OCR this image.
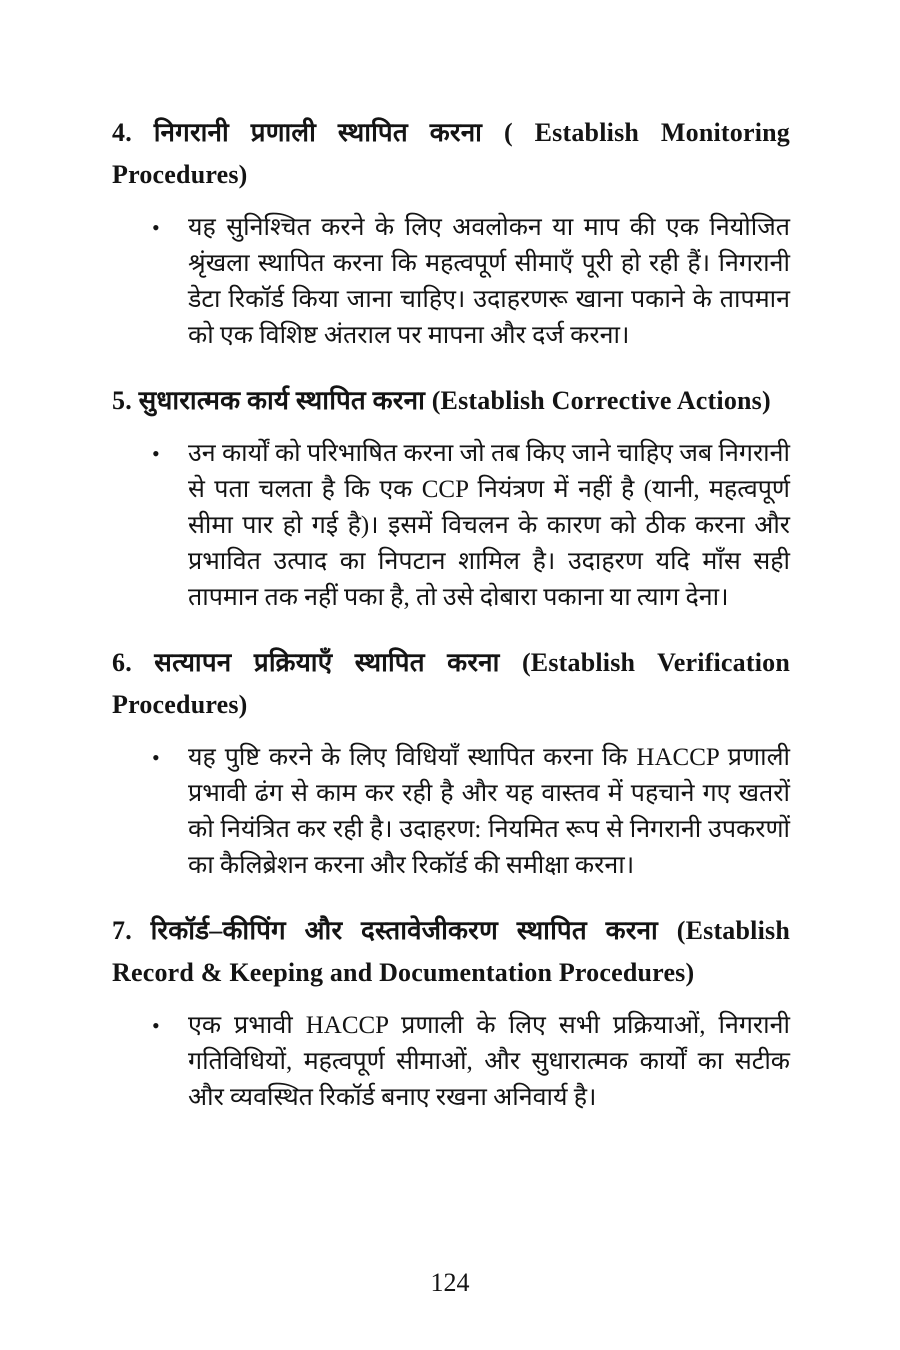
4. निगरानी प्रणाली स्थापित करना ( Establish Monitoring Procedures)
•	यह सुनिश्चित करने के लिए अवलोकन या माप की एक नियोजित श्रृंखला स्थापित करना कि महत्वपूर्ण सीमाएँ पूरी हो रही हैं। निगरानी डेटा रिकॉर्ड किया जाना चाहिए। उदाहरणरू खाना पकाने के तापमान को एक विशिष्ट अंतराल पर मापना और दर्ज करना।

5. सुधारात्मक कार्य स्थापित करना (Establish Corrective Actions)
•	उन कार्यों को परिभाषित करना जो तब किए जाने चाहिए जब निगरानी से पता चलता है कि एक CCP नियंत्रण में नहीं है (यानी, महत्वपूर्ण सीमा पार हो गई है)। इसमें विचलन के कारण को ठीक करना और प्रभावित उत्पाद का निपटान शामिल है। उदाहरण यदि माँस सही तापमान तक नहीं पका है, तो उसे दोबारा पकाना या त्याग देना।

6. सत्यापन प्रक्रियाएँ स्थापित करना (Establish Verification Procedures)
•	यह पुष्टि करने के लिए विधियाँ स्थापित करना कि HACCP प्रणाली प्रभावी ढंग से काम कर रही है और यह वास्तव में पहचाने गए खतरों को नियंत्रित कर रही है। उदाहरण: नियमित रूप से निगरानी उपकरणों का कैलिब्रेशन करना और रिकॉर्ड की समीक्षा करना।

7. रिकॉर्ड–कीपिंग और दस्तावेजीकरण स्थापित करना (Establish Record & Keeping and Documentation Procedures)
•	एक प्रभावी HACCP प्रणाली के लिए सभी प्रक्रियाओं, निगरानी गतिविधियों, महत्वपूर्ण सीमाओं, और सुधारात्मक कार्यों का सटीक और व्यवस्थित रिकॉर्ड बनाए रखना अनिवार्य है।

124
